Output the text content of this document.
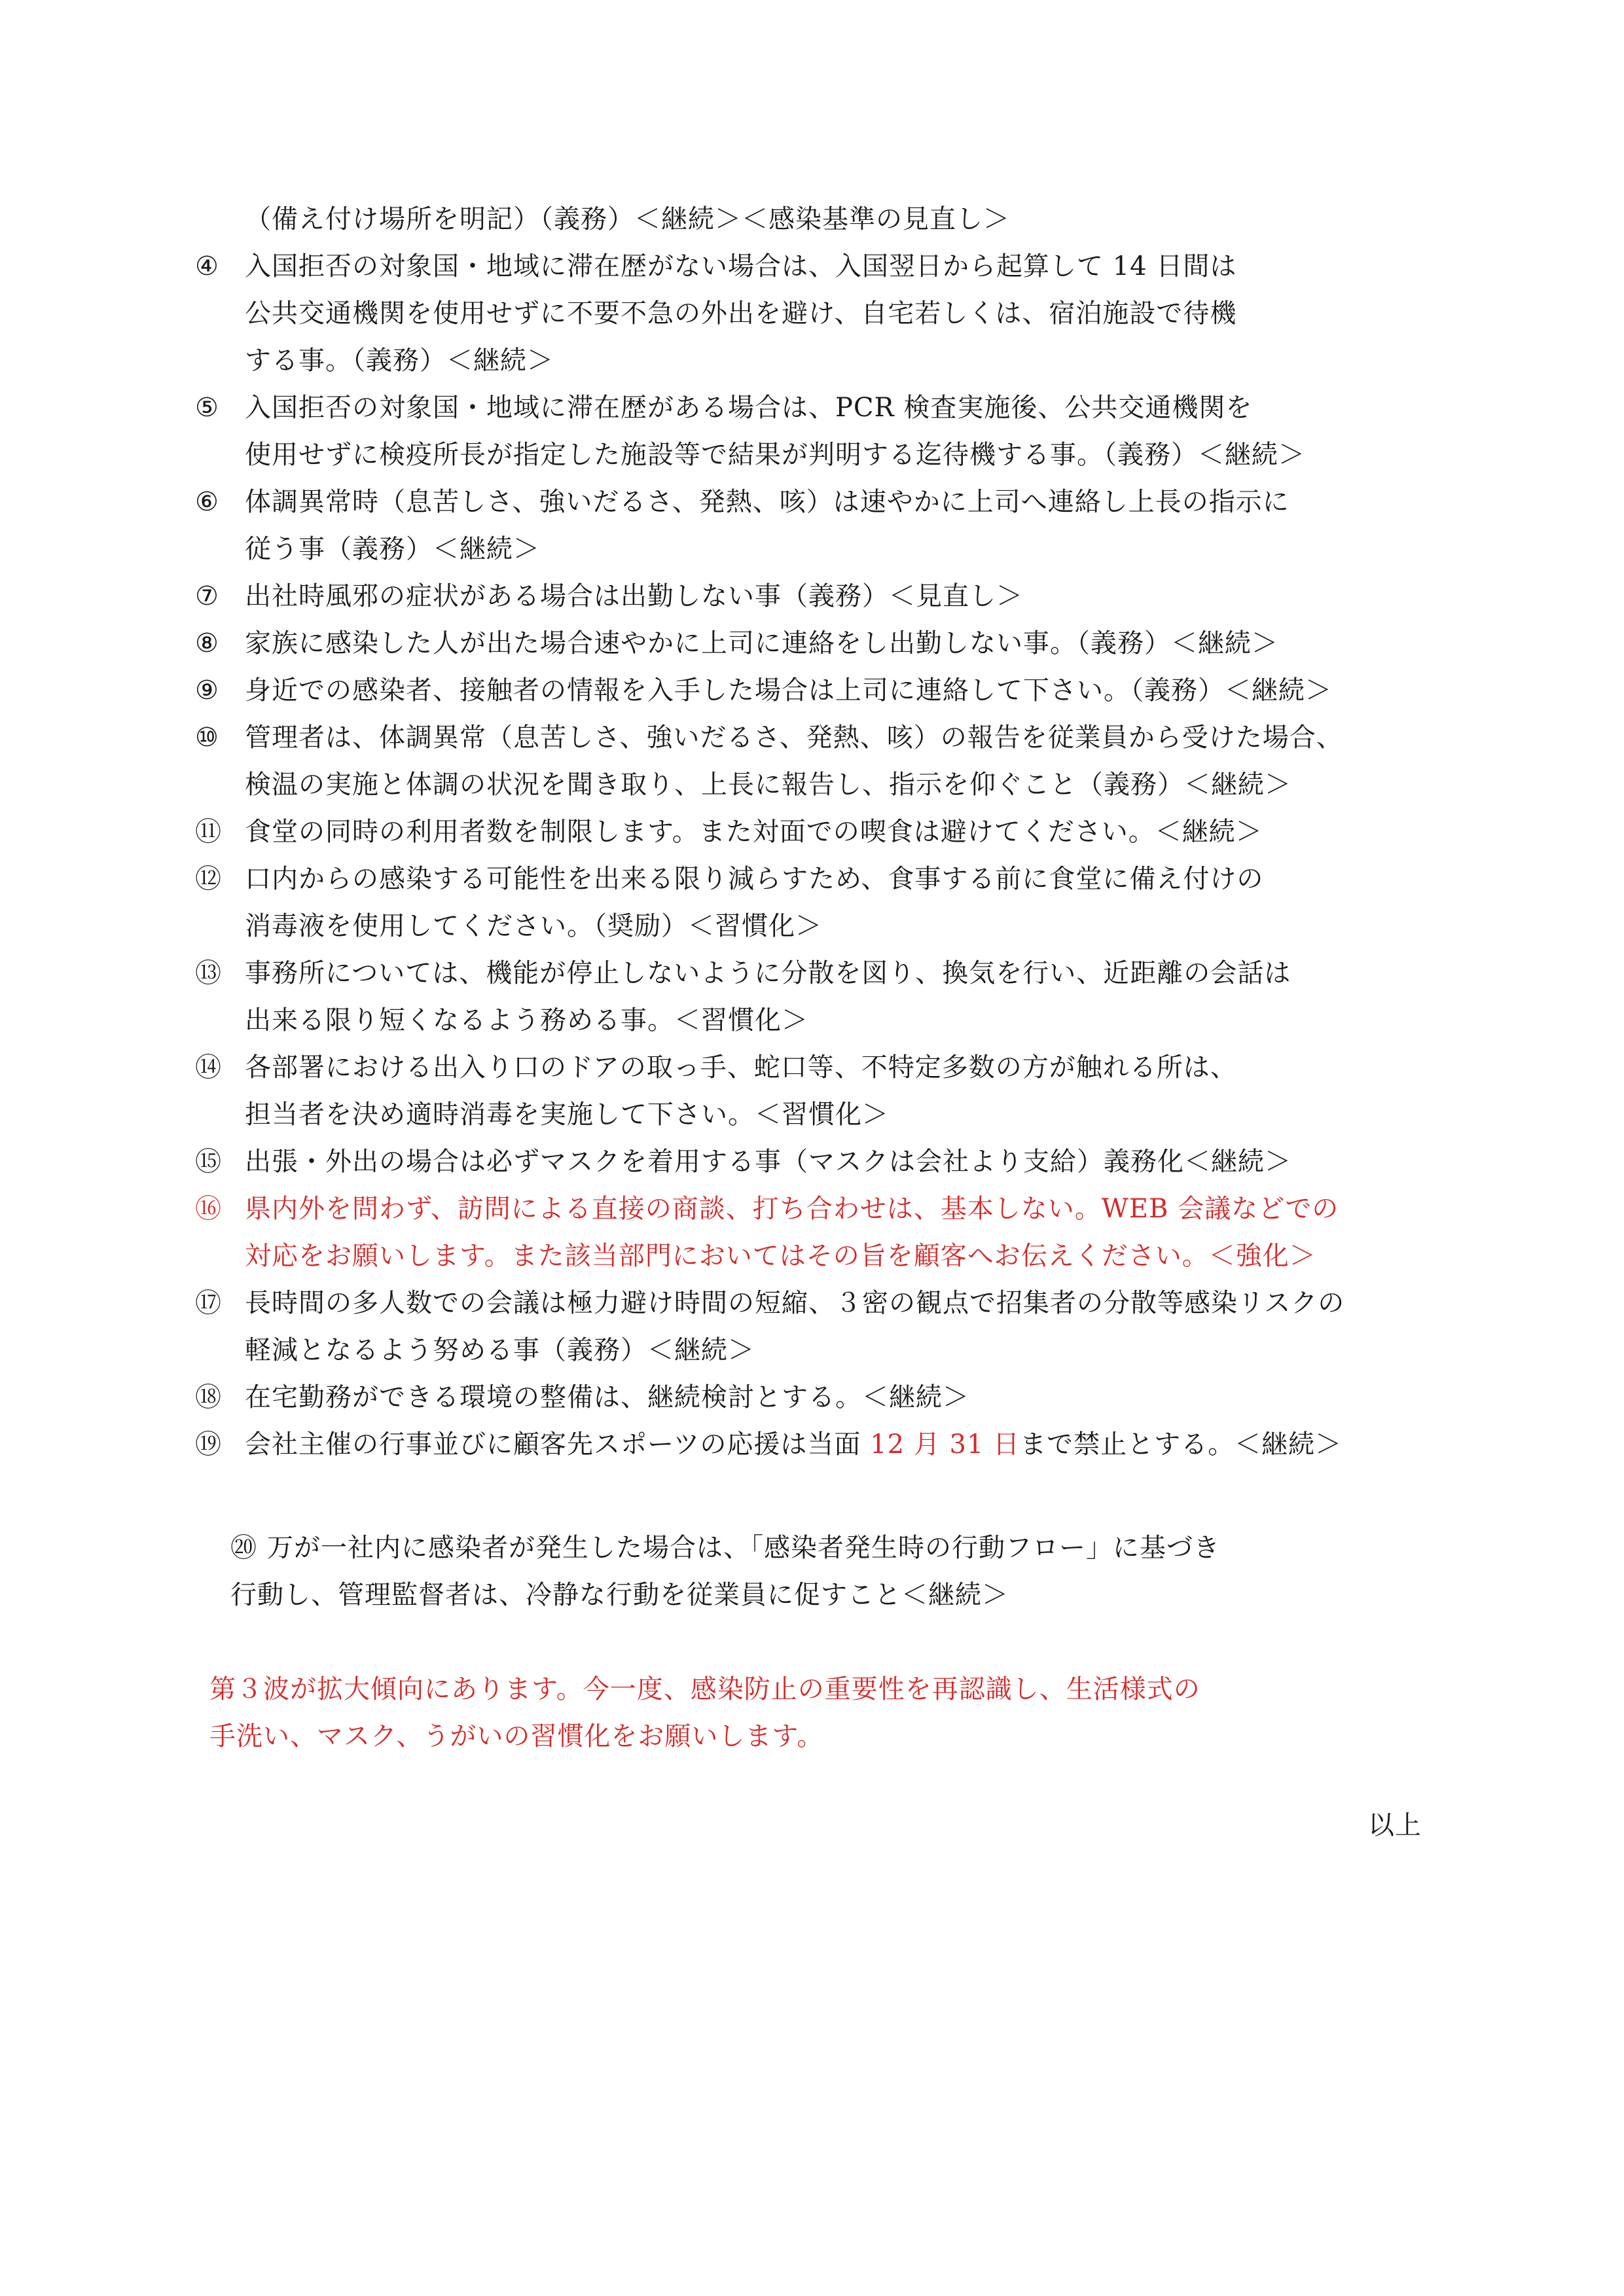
（備え付け場所を明記）（義務）＜継続＞＜感染基準の見直し＞
④ 入国拒否の対象国・地域に滞在歴がない場合は、入国翌日から起算して 14 日間は
公共交通機関を使用せずに不要不急の外出を避け、自宅若しくは、宿泊施設で待機
する事。（義務）＜継続＞
⑤ 入国拒否の対象国・地域に滞在歴がある場合は、PCR 検査実施後、公共交通機関を
使用せずに検疫所長が指定した施設等で結果が判明する迄待機する事。（義務）＜継続＞
⑥ 体調異常時（息苦しさ、強いだるさ、発熱、咳）は速やかに上司へ連絡し上長の指示に
従う事（義務）＜継続＞
⑦ 出社時風邪の症状がある場合は出勤しない事（義務）＜見直し＞
⑧ 家族に感染した人が出た場合速やかに上司に連絡をし出勤しない事。（義務）＜継続＞
⑨ 身近での感染者、接触者の情報を入手した場合は上司に連絡して下さい。（義務）＜継続＞
⑩ 管理者は、体調異常（息苦しさ、強いだるさ、発熱、咳）の報告を従業員から受けた場合、
検温の実施と体調の状況を聞き取り、上長に報告し、指示を仰ぐこと（義務）＜継続＞
⑪ 食堂の同時の利用者数を制限します。また対面での喫食は避けてください。＜継続＞
⑫ 口内からの感染する可能性を出来る限り減らすため、食事する前に食堂に備え付けの
消毒液を使用してください。（奨励）＜習慣化＞
⑬ 事務所については、機能が停止しないように分散を図り、換気を行い、近距離の会話は
出来る限り短くなるよう務める事。＜習慣化＞
⑭ 各部署における出入り口のドアの取っ手、蛇口等、不特定多数の方が触れる所は、
担当者を決め適時消毒を実施して下さい。＜習慣化＞
⑮ 出張・外出の場合は必ずマスクを着用する事（マスクは会社より支給）義務化＜継続＞
⑯ 県内外を問わず、訪問による直接の商談、打ち合わせは、基本しない。WEB 会議などでの
対応をお願いします。また該当部門においてはその旨を顧客へお伝えください。＜強化＞
⑰ 長時間の多人数での会議は極力避け時間の短縮、３密の観点で招集者の分散等感染リスクの
軽減となるよう努める事（義務）＜継続＞
⑱ 在宅勤務ができる環境の整備は、継続検討とする。＜継続＞
⑲ 会社主催の行事並びに顧客先スポーツの応援は当面 12 月 31 日まで禁止とする。＜継続＞
⑳ 万が一社内に感染者が発生した場合は、「感染者発生時の行動フロー」に基づき
行動し、管理監督者は、冷静な行動を従業員に促すこと＜継続＞
第３波が拡大傾向にあります。今一度、感染防止の重要性を再認識し、生活様式の
手洗い、マスク、うがいの習慣化をお願いします。
以上
